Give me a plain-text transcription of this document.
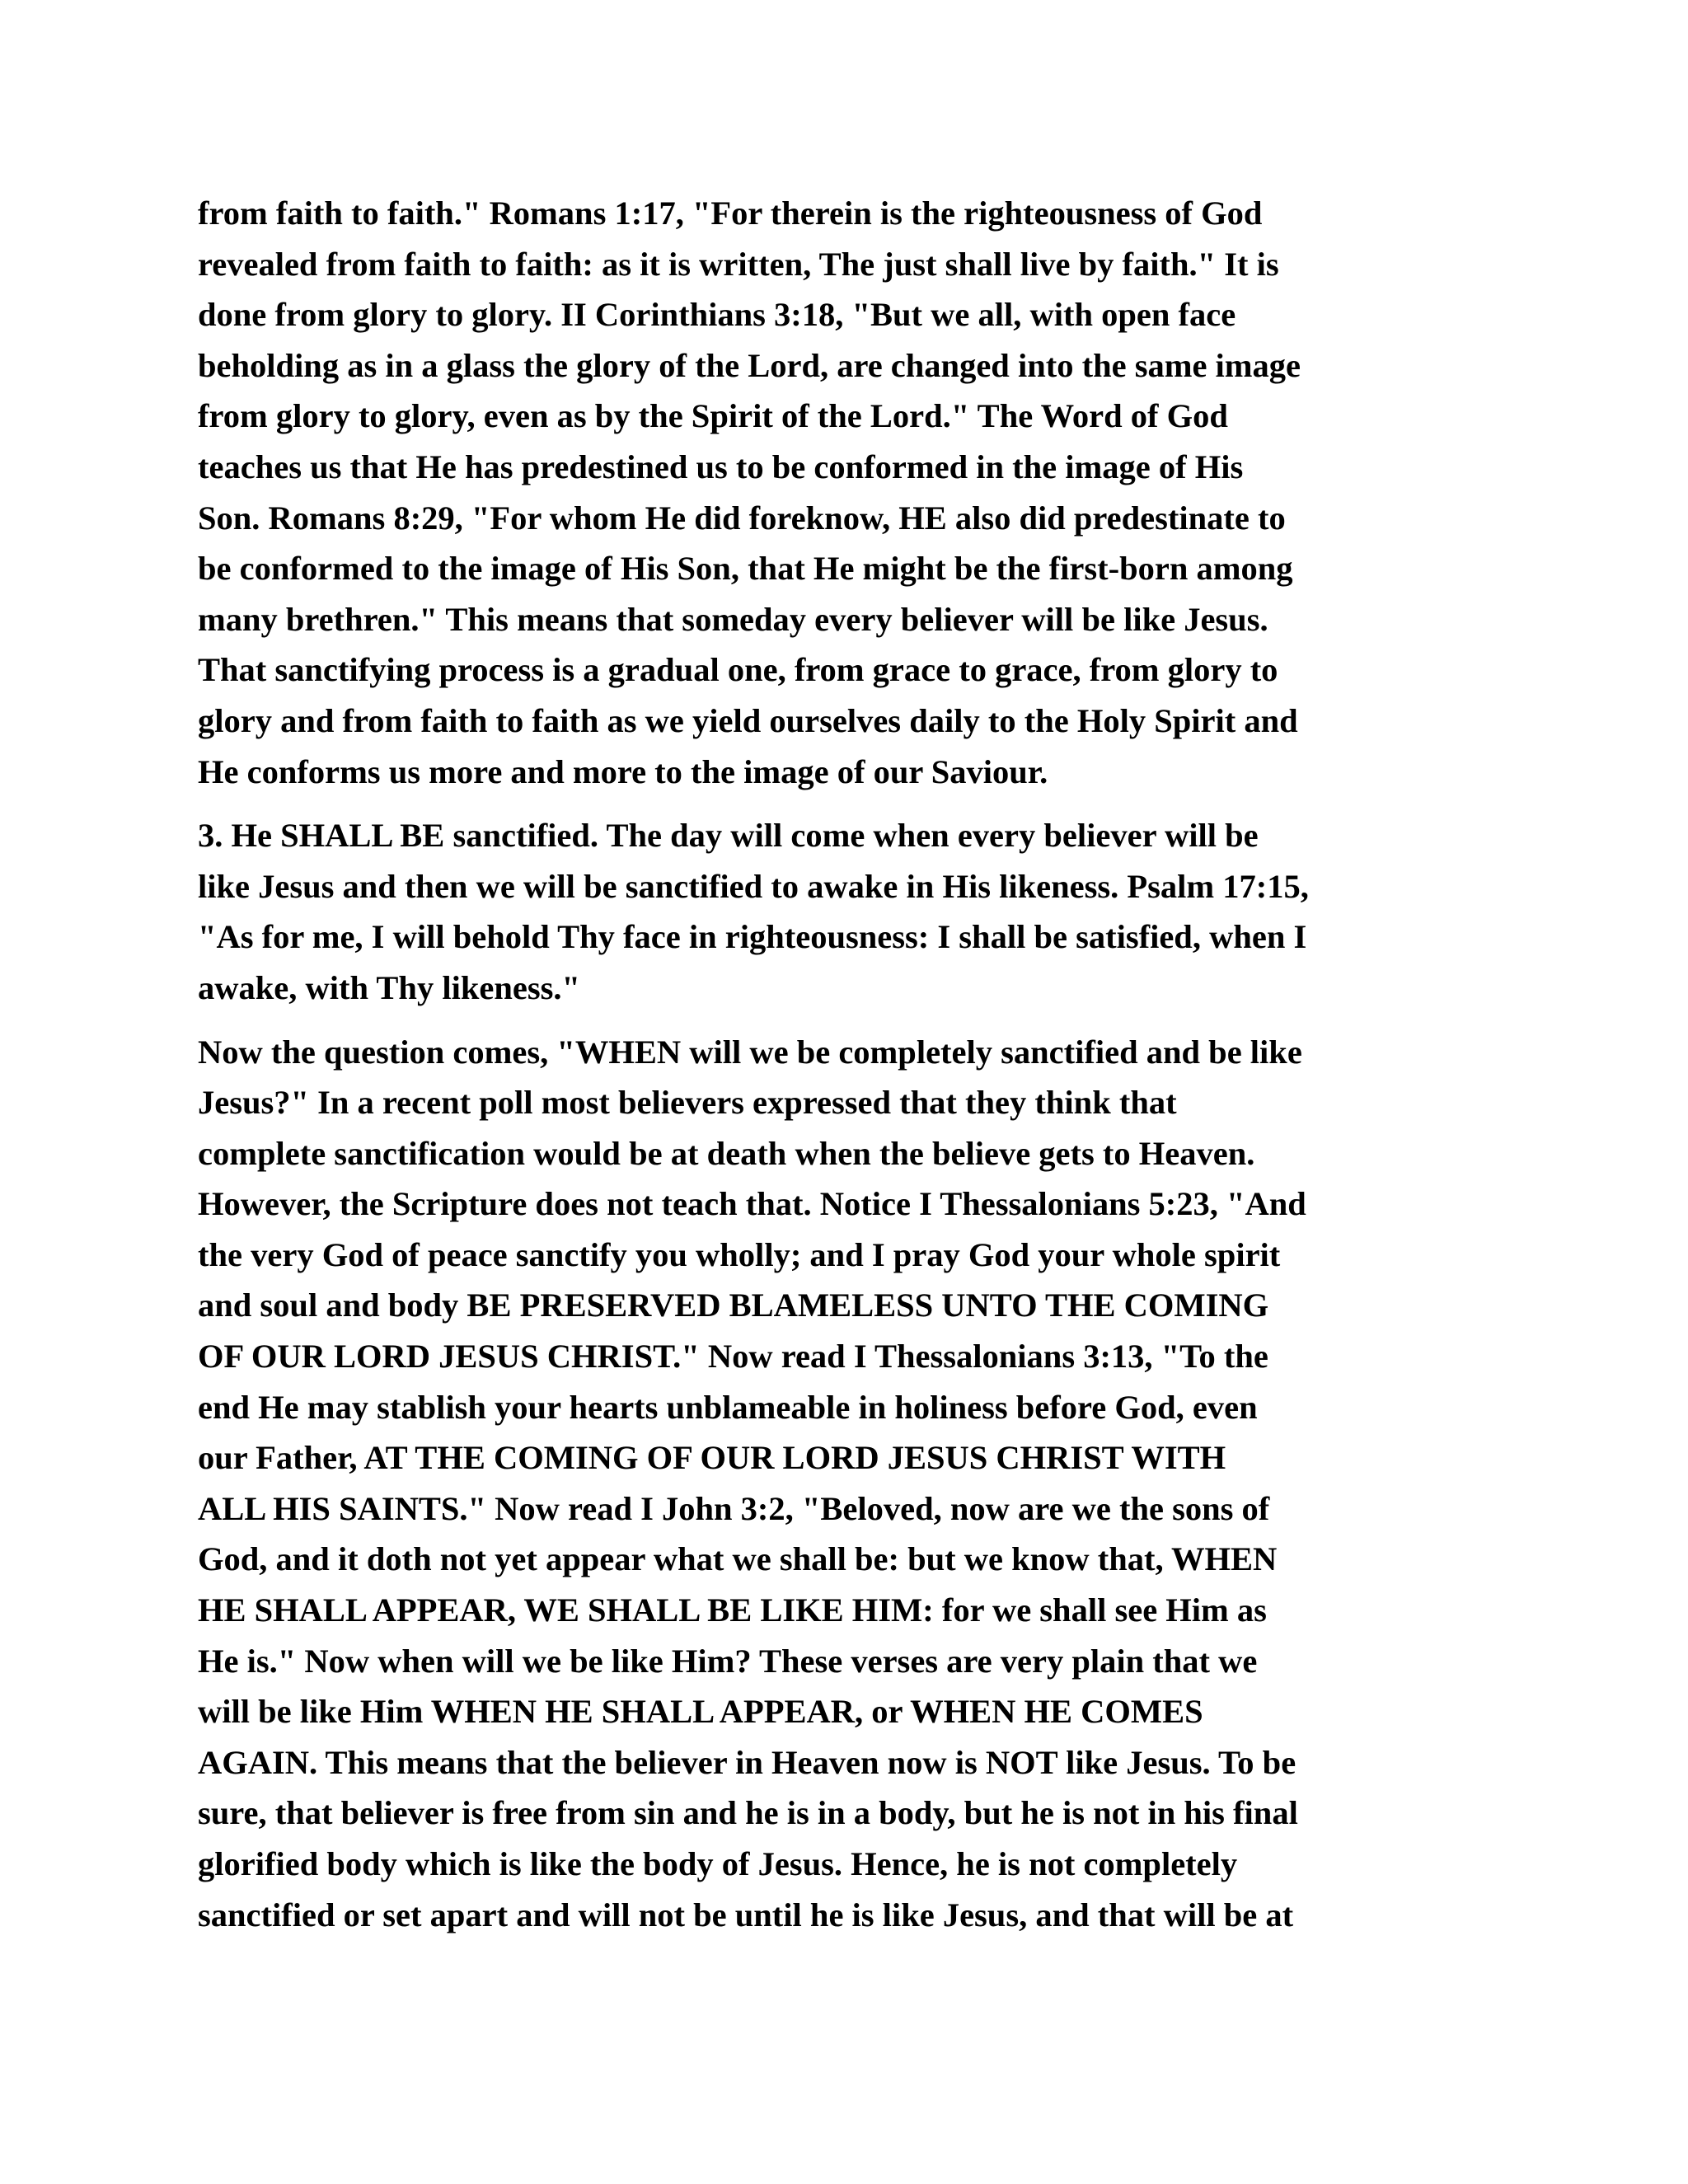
from faith to faith." Romans 1:17, "For therein is the righteousness of God
revealed from faith to faith: as it is written, The just shall live by faith." It is
done from glory to glory. II Corinthians 3:18, "But we all, with open face
beholding as in a glass the glory of the Lord, are changed into the same image
from glory to glory, even as by the Spirit of the Lord." The Word of God
teaches us that He has predestined us to be conformed in the image of His
Son. Romans 8:29, "For whom He did foreknow, HE also did predestinate to
be conformed to the image of His Son, that He might be the first-born among
many brethren." This means that someday every believer will be like Jesus.
That sanctifying process is a gradual one, from grace to grace, from glory to
glory and from faith to faith as we yield ourselves daily to the Holy Spirit and
He conforms us more and more to the image of our Saviour.
3. He SHALL BE sanctified. The day will come when every believer will be
like Jesus and then we will be sanctified to awake in His likeness. Psalm 17:15,
"As for me, I will behold Thy face in righteousness: I shall be satisfied, when I
awake, with Thy likeness."
Now the question comes, "WHEN will we be completely sanctified and be like
Jesus?" In a recent poll most believers expressed that they think that
complete sanctification would be at death when the believe gets to Heaven.
However, the Scripture does not teach that. Notice I Thessalonians 5:23, "And
the very God of peace sanctify you wholly; and I pray God your whole spirit
and soul and body BE PRESERVED BLAMELESS UNTO THE COMING
OF OUR LORD JESUS CHRIST." Now read I Thessalonians 3:13, "To the
end He may stablish your hearts unblameable in holiness before God, even
our Father, AT THE COMING OF OUR LORD JESUS CHRIST WITH
ALL HIS SAINTS." Now read I John 3:2, "Beloved, now are we the sons of
God, and it doth not yet appear what we shall be: but we know that, WHEN
HE SHALL APPEAR, WE SHALL BE LIKE HIM: for we shall see Him as
He is." Now when will we be like Him? These verses are very plain that we
will be like Him WHEN HE SHALL APPEAR, or WHEN HE COMES
AGAIN. This means that the believer in Heaven now is NOT like Jesus. To be
sure, that believer is free from sin and he is in a body, but he is not in his final
glorified body which is like the body of Jesus. Hence, he is not completely
sanctified or set apart and will not be until he is like Jesus, and that will be at
